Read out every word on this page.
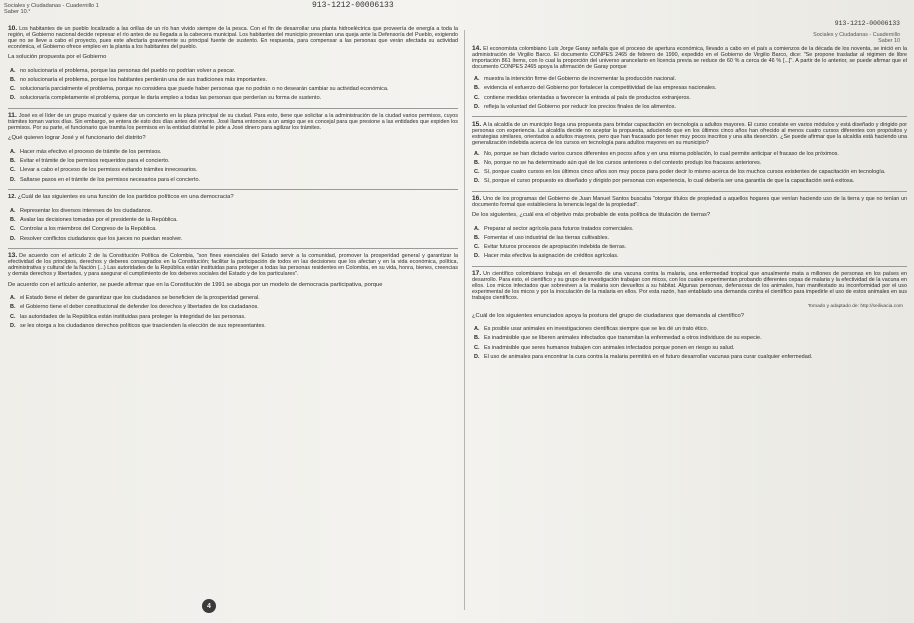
Sociales y Ciudadanas - Cuadernillo 1
Saber 10.°
913-1212-00006133
913-1212-00006133
Sociales y Ciudadanas - Cuadernillo
Saber 10
10. Los habitantes de un pueblo localizado a las orillas de un río han vivido siempre de la pesca. Con el fin de desarrollar una planta hidroeléctrica que proveería de energía a toda la región, el Gobierno nacional decide represar el río antes de su llegada a la cabecera municipal. Los habitantes del municipio presentan una queja ante la Defensoría del Pueblo, exigiendo que no se lleve a cabo el proyecto, pues este afectaría gravemente su principal fuente de sustento. En respuesta, para compensar a las personas que verán afectada su actividad económica, el Gobierno ofrece empleo en la planta a los habitantes del pueblo.
La solución propuesta por el Gobierno
A. no solucionaría el problema, porque las personas del pueblo no podrían volver a pescar.
B. no solucionaría el problema, porque los habitantes perderán una de sus tradiciones más importantes.
C. solucionaría parcialmente el problema, porque no considera que puede haber personas que no podrán o no desearán cambiar su actividad económica.
D. solucionaría completamente el problema, porque le daría empleo a todas las personas que perderían su forma de sustento.
11. José es el líder de un grupo musical y quiere dar un concierto en la plaza principal de su ciudad. Para esto, tiene que solicitar a la administración de la ciudad varios permisos, cuyos trámites toman varios días. Sin embargo, se entera de esto dos días antes del evento. José llama entonces a un amigo que es concejal para que presione a las entidades que expiden los permisos. Por su parte, el funcionario que tramita los permisos en la entidad distrital le pide a José dinero para agilizar los trámites.
¿Qué quieren lograr José y el funcionario del distrito?
A. Hacer más efectivo el proceso de trámite de los permisos.
B. Evitar el trámite de los permisos requeridos para el concierto.
C. Llevar a cabo el proceso de los permisos evitando trámites innecesarios.
D. Saltarse pasos en el trámite de los permisos necesarios para el concierto.
12. ¿Cuál de las siguientes es una función de los partidos políticos en una democracia?
A. Representar los diversos intereses de los ciudadanos.
B. Avalar las decisiones tomadas por el presidente de la República.
C. Controlar a los miembros del Congreso de la República.
D. Resolver conflictos ciudadanos que los jueces no puedan resolver.
13. De acuerdo con el artículo 2 de la Constitución Política de Colombia, "son fines esenciales del Estado servir a la comunidad, promover la prosperidad general y garantizar la efectividad de los principios, derechos y deberes consagrados en la Constitución; facilitar la participación de todos en las decisiones que los afectan y en la vida económica, política, administrativa y cultural de la Nación (...) Las autoridades de la República están instituidas para proteger a todas las personas residentes en Colombia, en su vida, honra, bienes, creencias y demás derechos y libertades, y para asegurar el cumplimiento de los deberes sociales del Estado y de los particulares".
De acuerdo con el artículo anterior, se puede afirmar que en la Constitución de 1991 se aboga por un modelo de democracia participativa, porque
A. el Estado tiene el deber de garantizar que los ciudadanos se beneficien de la prosperidad general.
B. el Gobierno tiene el deber constitucional de defender los derechos y libertades de los ciudadanos.
C. las autoridades de la República están instituidas para proteger la integridad de las personas.
D. se les otorga a los ciudadanos derechos políticos que trascienden la elección de sus representantes.
14. El economista colombiano Luis Jorge Garay señala que el proceso de apertura económica, llevado a cabo en el país a comienzos de la década de los noventa, se inició en la administración de Virgilio Barco. El documento CONPES 2465 de febrero de 1990, expedido en el Gobierno de Virgilio Barco, dice: "Se propone trasladar al régimen de libre importación 861 ítems, con lo cual la proporción del universo arancelario en licencia previa se reduce de 60 % a cerca de 46 % [...]". A partir de lo anterior, se puede afirmar que el documento CONPES 2465 apoya la afirmación de Garay porque
A. muestra la intención firme del Gobierno de incrementar la producción nacional.
B. evidencia el esfuerzo del Gobierno por fortalecer la competitividad de las empresas nacionales.
C. contiene medidas orientadas a favorecer la entrada al país de productos extranjeros.
D. refleja la voluntad del Gobierno por reducir los precios finales de los alimentos.
15. A la alcaldía de un municipio llega una propuesta para brindar capacitación en tecnología a adultos mayores. El curso consiste en varios módulos y está diseñado y dirigido por personas con experiencia. La alcaldía decide no aceptar la propuesta, aduciendo que en los últimos cinco años han ofrecido al menos cuatro cursos diferentes con propósitos y estrategias similares, orientados a adultos mayores, pero que han fracasado por tener muy pocos inscritos y una alta deserción. ¿Se puede afirmar que la alcaldía está haciendo una generalización indebida acerca de los cursos en tecnología para adultos mayores en su municipio?
A. No, porque se han dictado varios cursos diferentes en pocos años y en una misma población, lo cual permite anticipar el fracaso de los próximos.
B. No, porque no se ha determinado aún qué de los cursos anteriores o del contexto produjo los fracasos anteriores.
C. Sí, porque cuatro cursos en los últimos cinco años son muy pocos para poder decir lo mismo acerca de los muchos cursos existentes de capacitación en tecnología.
D. Sí, porque el curso propuesto es diseñado y dirigido por personas con experiencia, lo cual debería ser una garantía de que la capacitación será exitosa.
16. Uno de los programas del Gobierno de Juan Manuel Santos buscaba "otorgar títulos de propiedad a aquellos hogares que venían haciendo uso de la tierra y que no tenían un documento formal que estableciera la tenencia legal de la propiedad".
De los siguientes, ¿cuál era el objetivo más probable de esta política de titulación de tierras?
A. Preparar al sector agrícola para futuros tratados comerciales.
B. Fomentar el uso industrial de las tierras cultivables.
C. Evitar futuros procesos de apropiación indebida de tierras.
D. Hacer más efectiva la asignación de créditos agrícolas.
17. Un científico colombiano trabaja en el desarrollo de una vacuna contra la malaria, una enfermedad tropical que anualmente mata a millones de personas en los países en desarrollo. Para esto, el científico y su grupo de investigación trabajan con micos, con los cuales experimentan probando diferentes cepas de malaria y la efectividad de la vacuna en ellos. Los micos infectados que sobreviven a la malaria son devueltos a su hábitat. Algunas personas, defensoras de los animales, han manifestado su inconformidad por el uso experimental de los micos y por la inoculación de la malaria en ellos. Por esta razón, han entablado una demanda contra el científico para impedirle el uso de estos animales en sus trabajos científicos.
Tomado y adaptado de: http://seilivacia.com
¿Cuál de los siguientes enunciados apoya la postura del grupo de ciudadanos que demanda al científico?
A. Es posible usar animales en investigaciones científicas siempre que se les dé un trato ético.
B. Es inadmisible que se liberen animales infectados que transmitan la enfermedad a otros individuos de su especie.
C. Es inadmisible que seres humanos trabajen con animales infectados porque ponen en riesgo su salud.
D. El uso de animales para encontrar la cura contra la malaria permitirá en el futuro desarrollar vacunas para curar cualquier enfermedad.
4
